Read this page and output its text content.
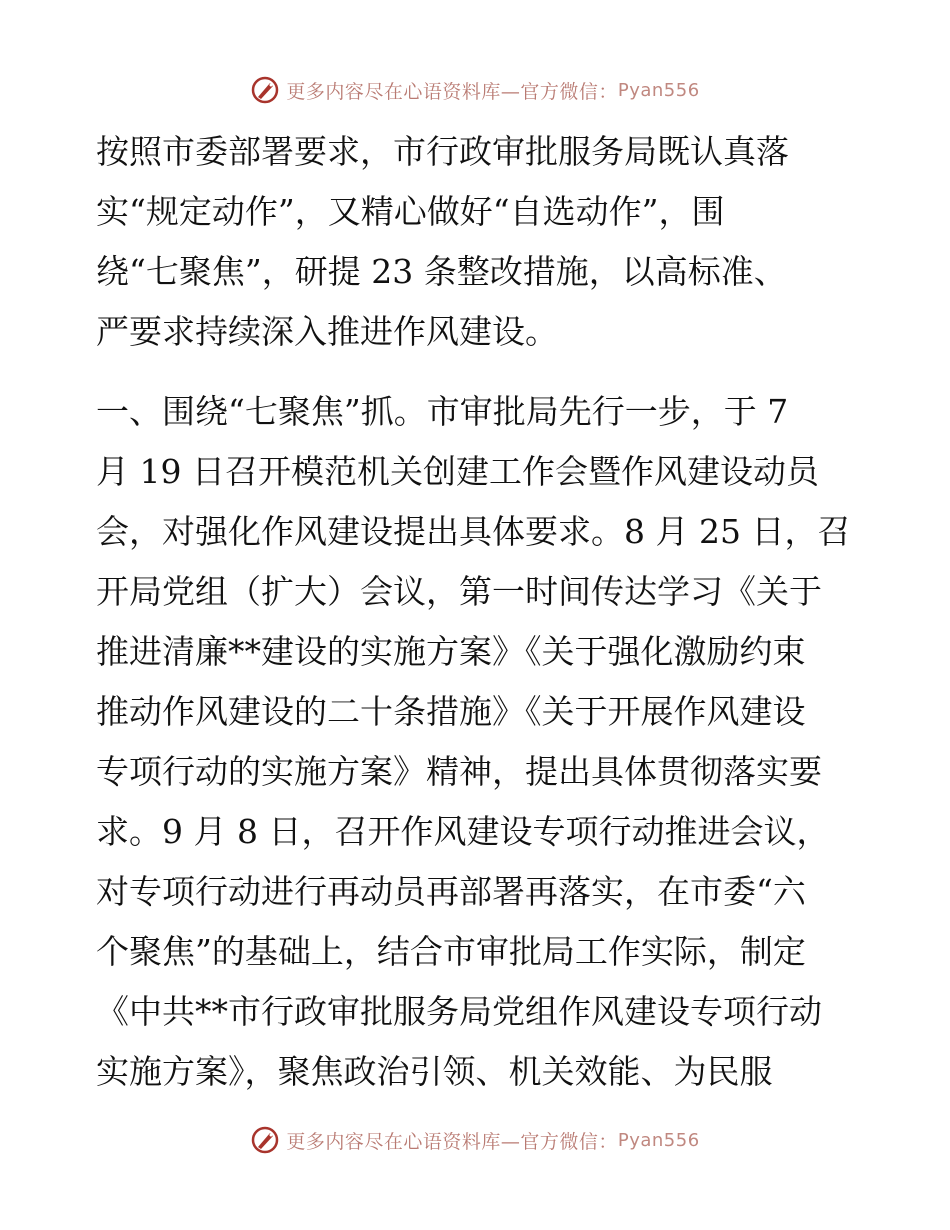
更多内容尽在心语资料库—官方微信： Pyan556
按照市委部署要求，市行政审批服务局既认真落
实“规定动作”，又精心做好“自选动作”，围
绕“七聚焦”，研提 23 条整改措施，以高标准、
严要求持续深入推进作风建设。
一、围绕“七聚焦”抓。市审批局先行一步，于 7
月 19 日召开模范机关创建工作会暨作风建设动员
会，对强化作风建设提出具体要求。8 月 25 日，召
开局党组（扩大）会议，第一时间传达学习《关于
推进清廉**建设的实施方案》《关于强化激励约束
推动作风建设的二十条措施》《关于开展作风建设
专项行动的实施方案》精神，提出具体贯彻落实要
求。9 月 8 日，召开作风建设专项行动推进会议，
对专项行动进行再动员再部署再落实，在市委“六
个聚焦”的基础上，结合市审批局工作实际，制定
《中共**市行政审批服务局党组作风建设专项行动
实施方案》，聚焦政治引领、机关效能、为民服
更多内容尽在心语资料库—官方微信： Pyan556
